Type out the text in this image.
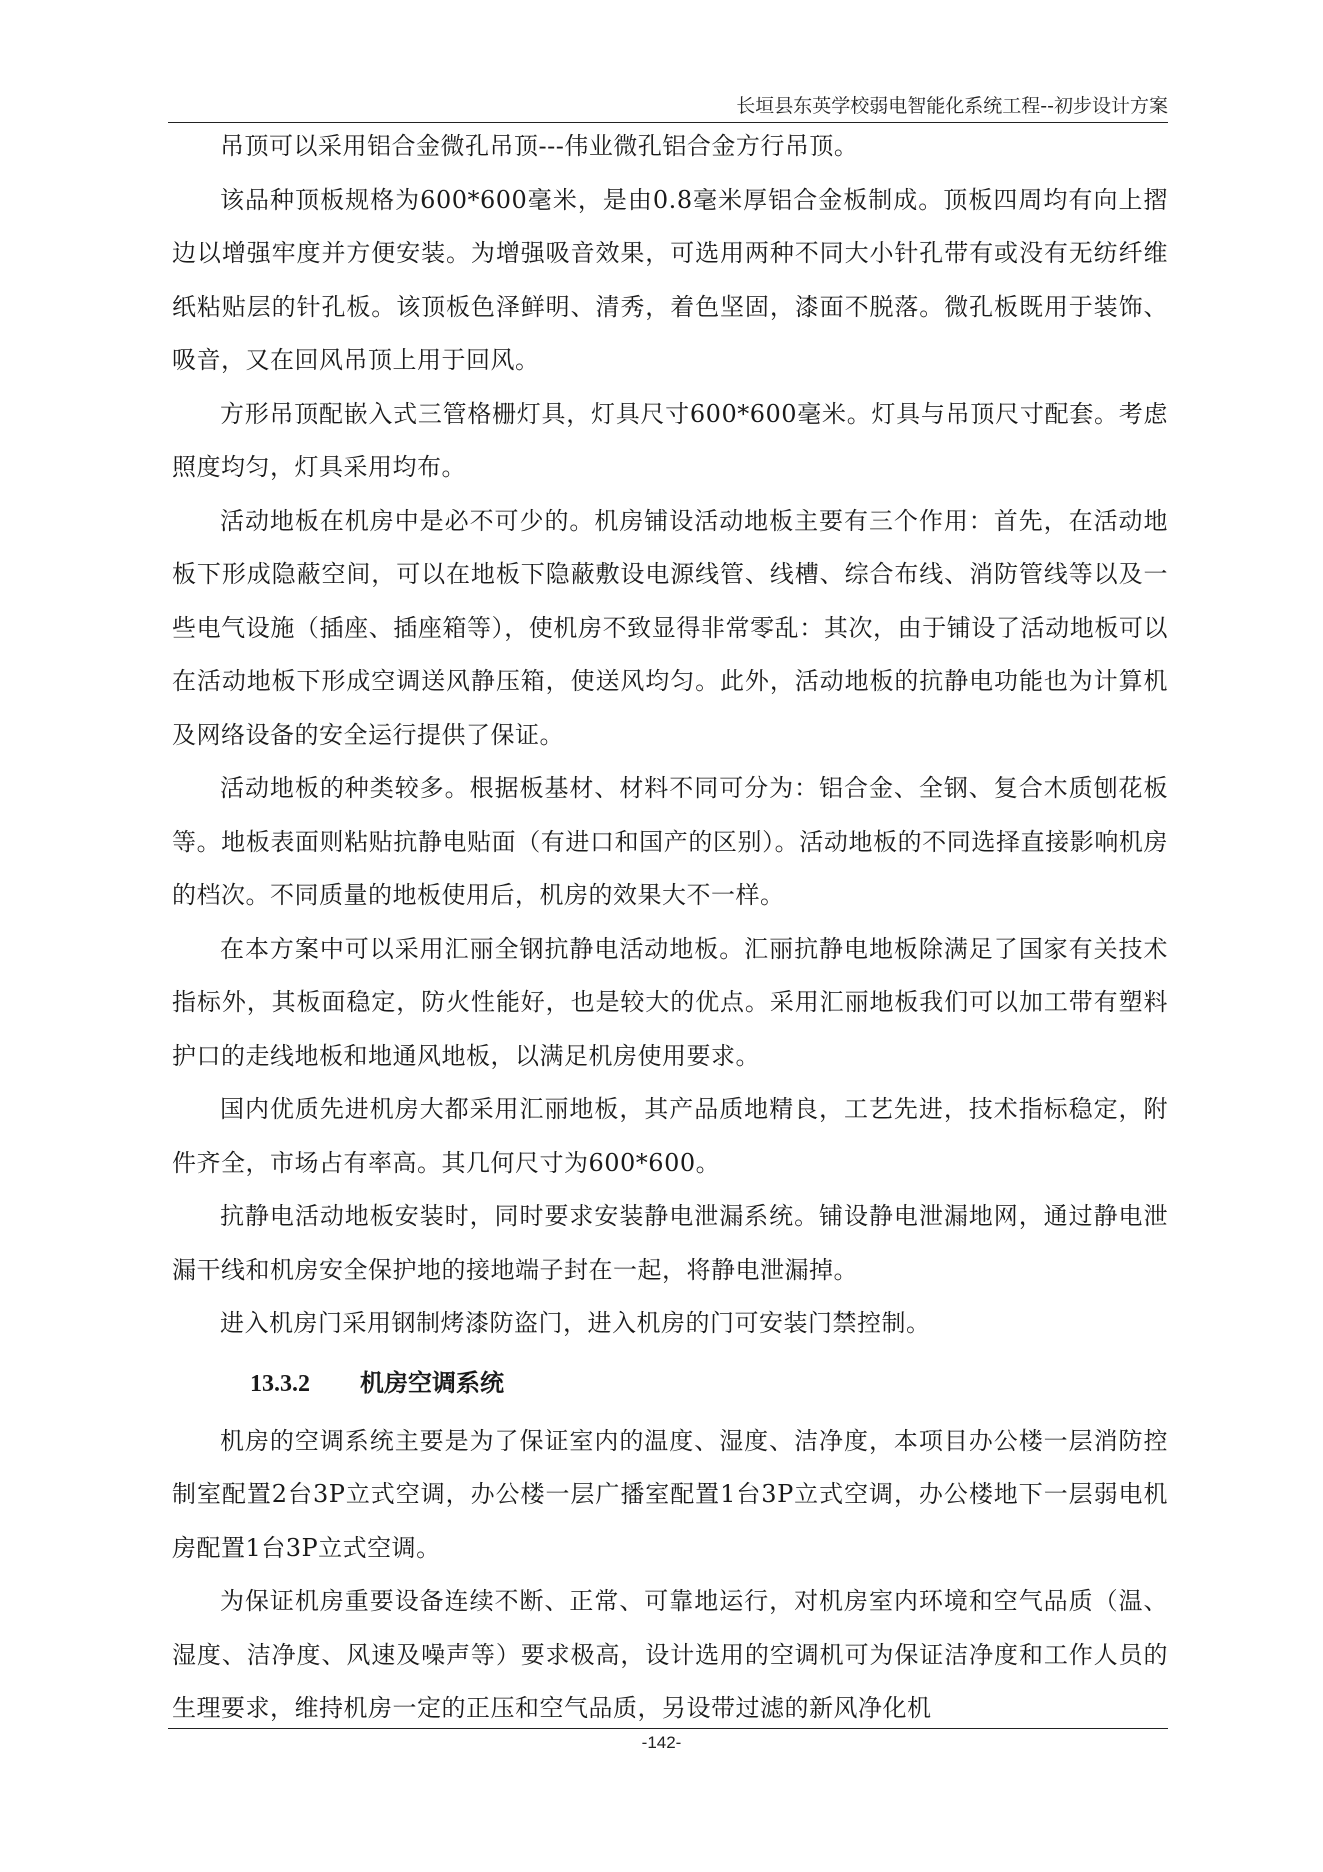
长垣县东英学校弱电智能化系统工程--初步设计方案

吊顶可以采用铝合金微孔吊顶---伟业微孔铝合金方行吊顶。

该品种顶板规格为600*600毫米，是由0.8毫米厚铝合金板制成。顶板四周均有向上摺边以增强牢度并方便安装。为增强吸音效果，可选用两种不同大小针孔带有或没有无纺纤维纸粘贴层的针孔板。该顶板色泽鲜明、清秀，着色坚固，漆面不脱落。微孔板既用于装饰、吸音，又在回风吊顶上用于回风。

方形吊顶配嵌入式三管格栅灯具，灯具尺寸600*600毫米。灯具与吊顶尺寸配套。考虑照度均匀，灯具采用均布。

活动地板在机房中是必不可少的。机房铺设活动地板主要有三个作用：首先，在活动地板下形成隐蔽空间，可以在地板下隐蔽敷设电源线管、线槽、综合布线、消防管线等以及一些电气设施（插座、插座箱等），使机房不致显得非常零乱：其次，由于铺设了活动地板可以在活动地板下形成空调送风静压箱，使送风均匀。此外，活动地板的抗静电功能也为计算机及网络设备的安全运行提供了保证。

活动地板的种类较多。根据板基材、材料不同可分为：铝合金、全钢、复合木质刨花板等。地板表面则粘贴抗静电贴面（有进口和国产的区别）。活动地板的不同选择直接影响机房的档次。不同质量的地板使用后，机房的效果大不一样。

在本方案中可以采用汇丽全钢抗静电活动地板。汇丽抗静电地板除满足了国家有关技术指标外，其板面稳定，防火性能好，也是较大的优点。采用汇丽地板我们可以加工带有塑料护口的走线地板和地通风地板，以满足机房使用要求。

国内优质先进机房大都采用汇丽地板，其产品质地精良，工艺先进，技术指标稳定，附件齐全，市场占有率高。其几何尺寸为600*600。

抗静电活动地板安装时，同时要求安装静电泄漏系统。铺设静电泄漏地网，通过静电泄漏干线和机房安全保护地的接地端子封在一起，将静电泄漏掉。

进入机房门采用钢制烤漆防盗门，进入机房的门可安装门禁控制。

13.3.2 机房空调系统

机房的空调系统主要是为了保证室内的温度、湿度、洁净度，本项目办公楼一层消防控制室配置2台3P立式空调，办公楼一层广播室配置1台3P立式空调，办公楼地下一层弱电机房配置1台3P立式空调。

为保证机房重要设备连续不断、正常、可靠地运行，对机房室内环境和空气品质（温、湿度、洁净度、风速及噪声等）要求极高，设计选用的空调机可为保证洁净度和工作人员的生理要求，维持机房一定的正压和空气品质，另设带过滤的新风净化机

-142-
